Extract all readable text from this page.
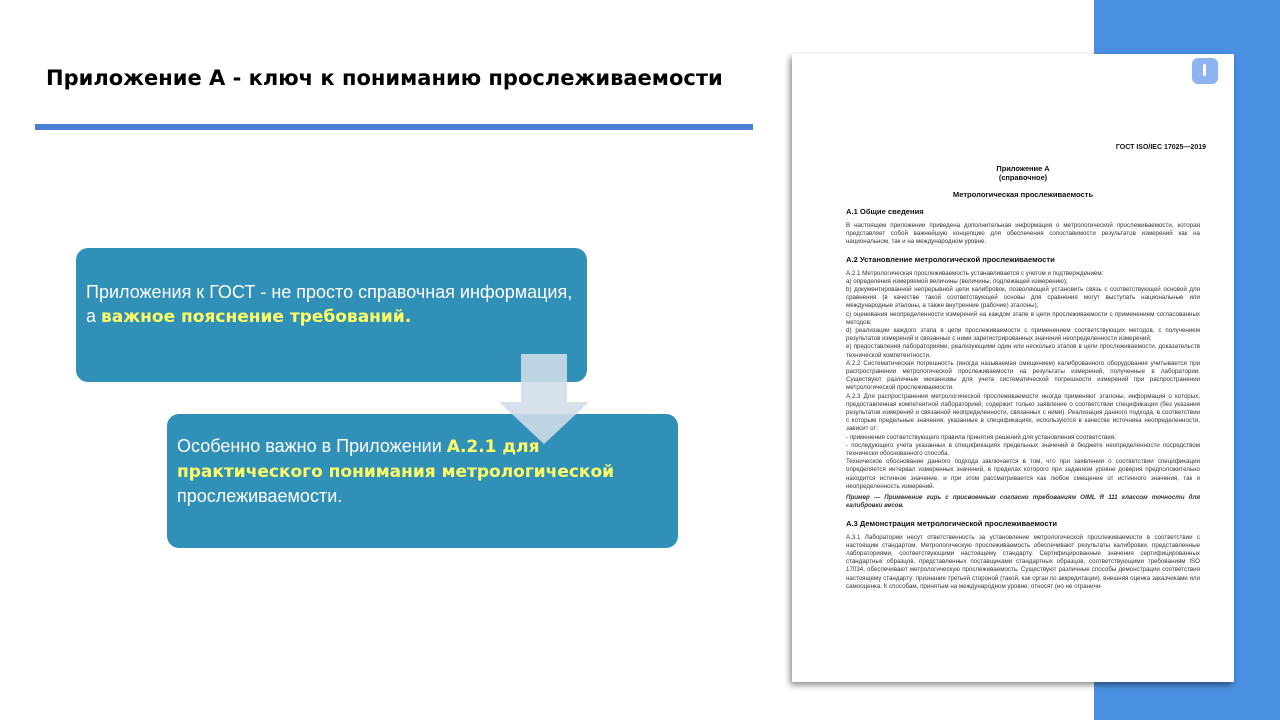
Приложение А - ключ к пониманию прослеживаемости
Приложения к ГОСТ - не просто справочная информация, а важное пояснение требований.
Особенно важно в Приложении А.2.1 для практического понимания метрологической прослеживаемости.
ГОСТ ISO/IEC 17025—2019
Приложение А
(справочное)
Метрологическая прослеживаемость
А.1 Общие сведения

В настоящем приложении приведена дополнительная информация о метрологической прослеживаемости, которая представляет собой важнейшую концепцию для обеспечения сопоставимости результатов измерений как на национальном, так и на международном уровне.

А.2 Установление метрологической прослеживаемости

А.2.1 Метрологическая прослеживаемость устанавливается с учетом и подтверждением:

a) определения измеряемой величины (величины, подлежащей измерению);

b) документированной непрерывной цепи калибровок, позволяющей установить связь с соответствующей основой для сравнения (в качестве такой соответствующей основы для сравнения могут выступать национальные или международные эталоны, а также внутренние (рабочие) эталоны);

c) оценивания неопределенности измерений на каждом этапе в цепи прослеживаемости с применением согласованных методов;

d) реализации каждого этапа в цепи прослеживаемости с применением соответствующих методов, с получением результатов измерений и связанных с ними зарегистрированных значений неопределенности измерений;

e) предоставления лабораториями, реализующими один или несколько этапов в цепи прослеживаемости, доказательств технической компетентности.

А.2.2 Систематическая погрешность (иногда называемая смещением) калиброванного оборудования учитывается при распространении метрологической прослеживаемости на результаты измерений, полученные в лаборатории. Существуют различные механизмы для учета систематической погрешности измерений при распространении метрологической прослеживаемости.

А.2.3 Для распространения метрологической прослеживаемости иногда применяют эталоны, информация о которых, предоставленная компетентной лабораторией, содержит только заявление о соответствии спецификации (без указания результатов измерений и связанной неопределенности, связанных с ними). Реализация данного подхода, в соответствии с которым предельные значения, указанные в спецификациях, используются в качестве источника неопределенности, зависит от:

- применения соответствующего правила принятия решений для установления соответствия;

- последующего учета указанных в спецификациях предельных значений в бюджете неопределенности посредством технически обоснованного способа.

Техническое обоснование данного подхода заключается в том, что при заявлении о соответствии спецификации определяется интервал измеренных значений, в пределах которого при заданном уровне доверия предположительно находится истинное значение, и при этом рассматривается как любое смещение от истинного значения, так и неопределенность измерений.

Пример — Применение гирь с присвоенным согласно требованиям OIML R 111 классом точности для калибровки весов.

А.3 Демонстрация метрологической прослеживаемости

А.3.1 Лаборатории несут ответственность за установление метрологической прослеживаемости в соответствии с настоящим стандартом. Метрологическую прослеживаемость обеспечивают результаты калибровки, представленные лабораториями, соответствующими настоящему стандарту. Сертифицированные значения сертифицированных стандартных образцов, представленных поставщиками стандартных образцов, соответствующими требованиям ISO 17034, обеспечивают метрологическую прослеживаемость. Существуют различные способы демонстрации соответствия настоящему стандарту: признание третьей стороной (такой, как орган по аккредитации), внешняя оценка заказчиками или самооценка. К способам, принятым на международном уровне, относят (но не ограничи-
